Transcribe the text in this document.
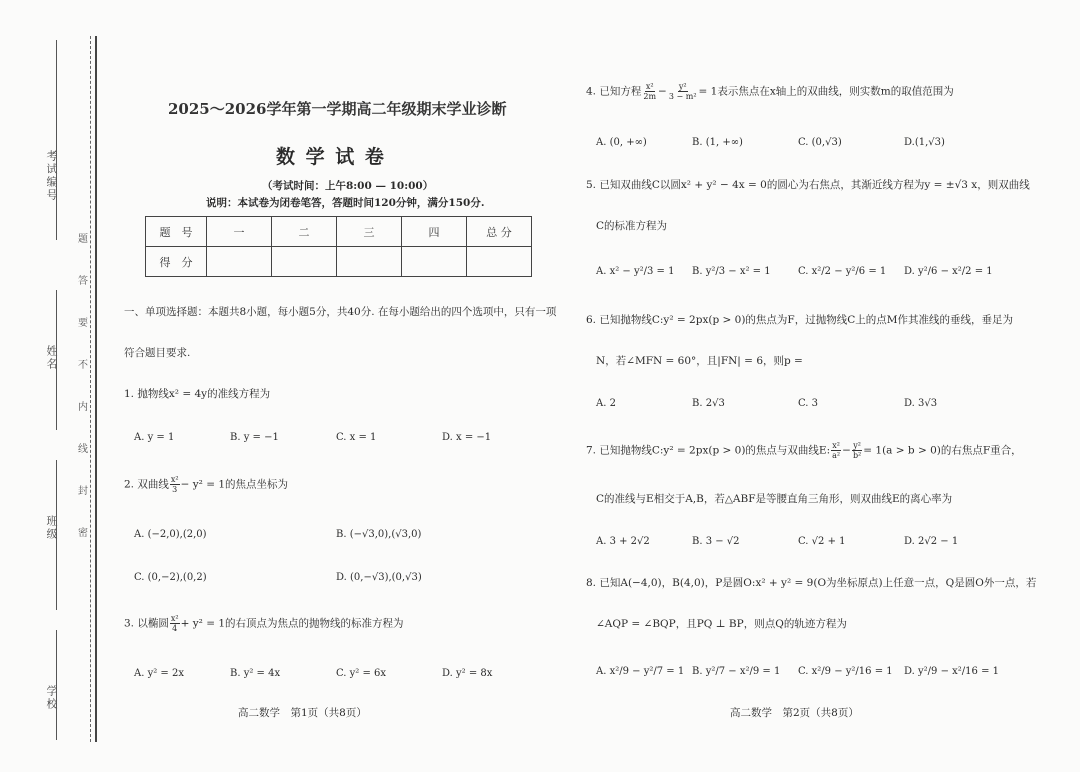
考试编号
姓名
班级
学校
题
答
要
不
内
线
封
密
2025～2026学年第一学期高二年级期末学业诊断
数 学 试 卷
（考试时间：上午8:00 — 10:00）
说明：本试卷为闭卷笔答，答题时间120分钟，满分150分.
题　号	一	二	三	四	总 分
得　分					
一、单项选择题：本题共8小题，每小题5分，共40分. 在每小题给出的四个选项中，只有一项
符合题目要求.
1. 抛物线x² = 4y的准线方程为
A. y = 1	B. y = −1	C. x = 1	D. x = −1
2. 双曲线 $\frac{\text{x²}}{3} - y^2 = 1$的焦点坐标为
A. (−2,0),(2,0)	B. (−√3,0),(√3,0)
C. (0,−2),(0,2)	D. (0,−√3),(0,√3)
3. 以椭圆 $\frac{\text{x²}}{4} + y^2 = 1$的右顶点为焦点的抛物线的标准方程为
A. y² = 2x	B. y² = 4x	C. y² = 6x	D. y² = 8x
高二数学　第1页（共8页）
4. 已知方程 $\frac{\text{x²}}{2m} - \frac{\text{y²}}{\text{3 − m²}} = 1$表示焦点在x轴上的双曲线，则实数m的取值范围为
A. (0, +∞)	B. (1, +∞)	C. (0,√3)	D.(1,√3)
5. 已知双曲线C以圆x² + y² − 4x = 0的圆心为右焦点，其渐近线方程为y = ±√3 x，则双曲线
C的标准方程为
A. x² − y²/3 = 1 B. y²/3 − x² = 1	C. x²/2 − y²/6 = 1 D. y²/6 − x²/2 = 1
6. 已知抛物线C:y² = 2px(p > 0)的焦点为F，过抛物线C上的点M作其准线的垂线，垂足为
N，若∠MFN = 60°，且|FN| = 6，则p =
A. 2	B. 2√3	C. 3	D. 3√3
7. 已知抛物线C:y² = 2px(p > 0)的焦点与双曲线E: $\frac{\text{x²}}{\text{a²}} - \frac{\text{y²}}{\text{b²}} = 1(a > b > 0)$的右焦点F重合，
C的准线与E相交于A,B，若△ABF是等腰直角三角形，则双曲线E的离心率为
A. 3 + 2√2	B. 3 − √2	C. √2 + 1	D. 2√2 − 1
8. 已知A(−4,0)，B(4,0)，P是圆O:x² + y² = 9(O为坐标原点)上任意一点，Q是圆O外一点，若
∠AQP = ∠BQP，且PQ ⊥ BP，则点Q的轨迹方程为
A. x²/9 − y²/7 = 1 B. y²/7 − x²/9 = 1 C. x²/9 − y²/16 = 1 D. y²/9 − x²/16 = 1
高二数学　第2页（共8页）
